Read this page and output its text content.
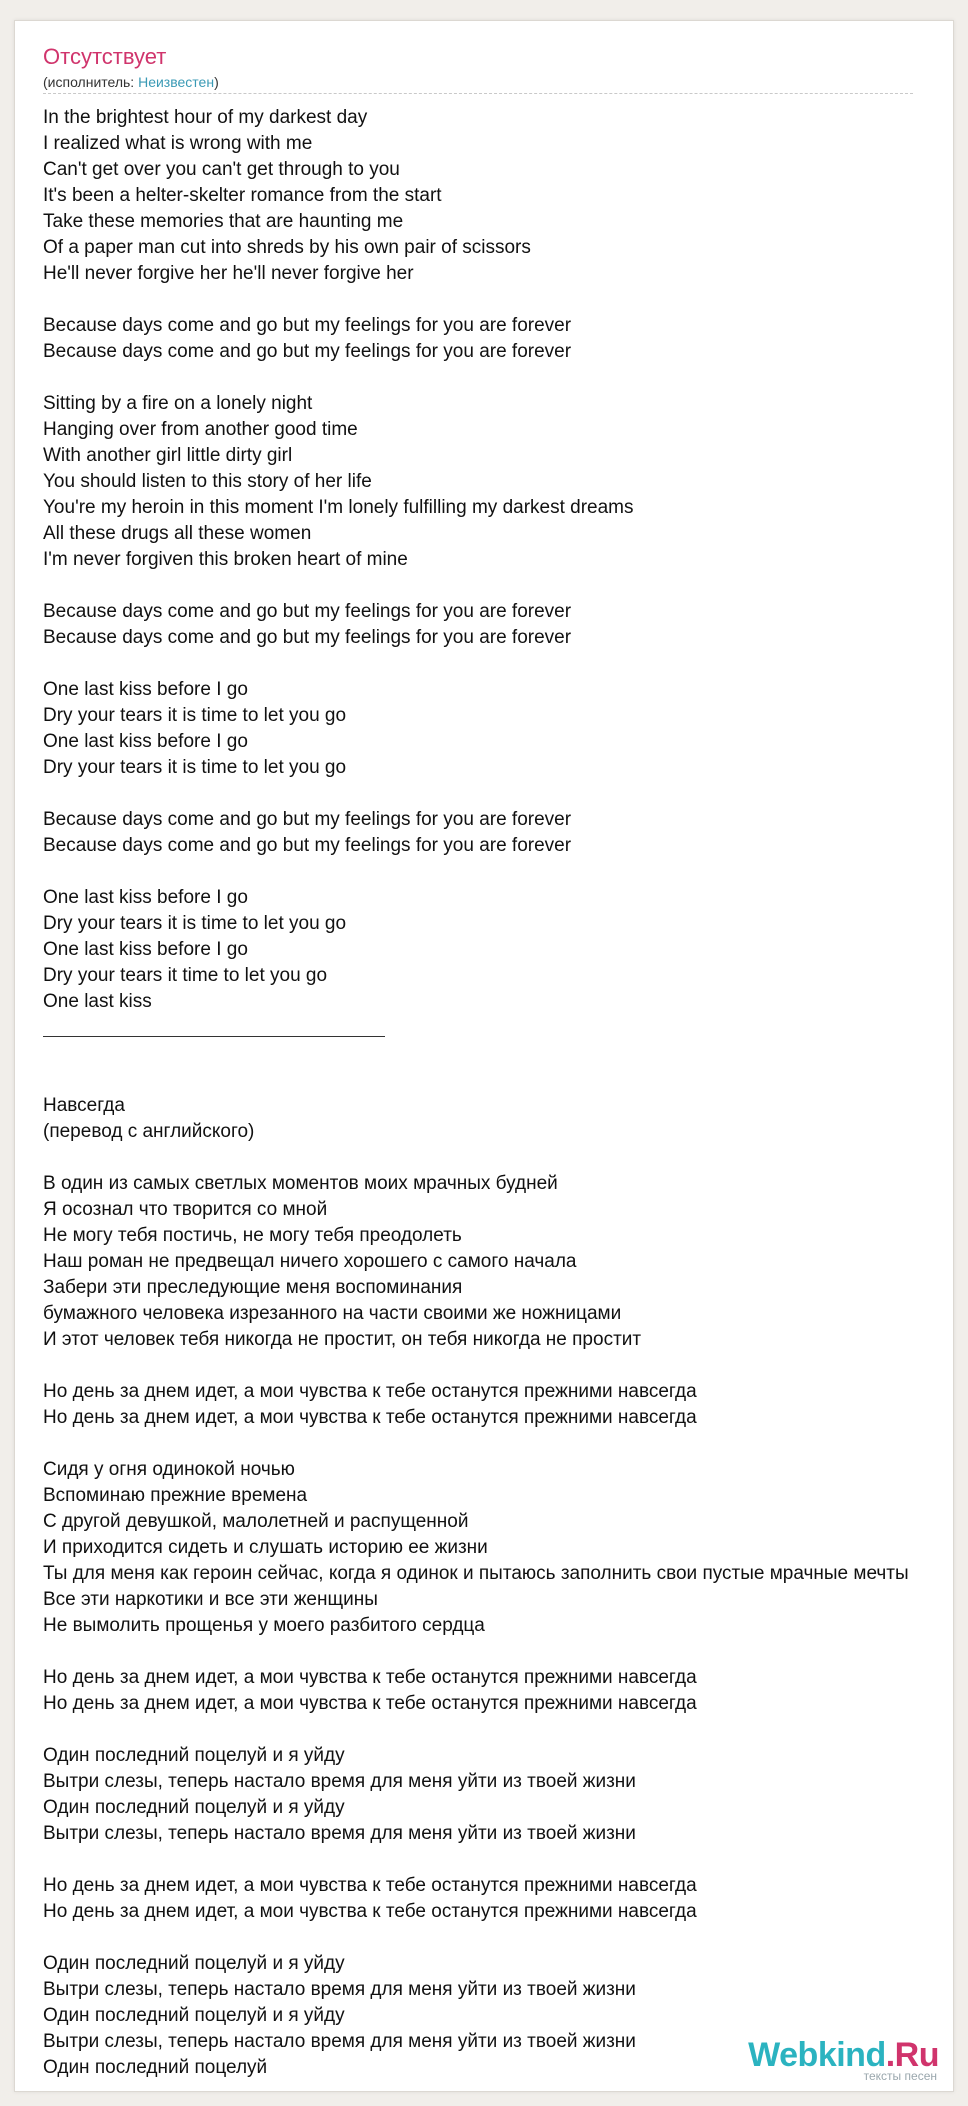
Отсутствует
(исполнитель: Неизвестен)
In the brightest hour of my darkest day
I realized what is wrong with me
Can't get over you can't get through to you
It's been a helter-skelter romance from the start
Take these memories that are haunting me
Of a paper man cut into shreds by his own pair of scissors
He'll never forgive her he'll never forgive her

Because days come and go but my feelings for you are forever
Because days come and go but my feelings for you are forever

Sitting by a fire on a lonely night
Hanging over from another good time
With another girl little dirty girl
You should listen to this story of her life
You're my heroin in this moment I'm lonely fulfilling my darkest dreams
All these drugs all these women
I'm never forgiven this broken heart of mine

Because days come and go but my feelings for you are forever
Because days come and go but my feelings for you are forever

One last kiss before I go
Dry your tears it is time to let you go
One last kiss before I go
Dry your tears it is time to let you go

Because days come and go but my feelings for you are forever
Because days come and go but my feelings for you are forever

One last kiss before I go
Dry your tears it is time to let you go
One last kiss before I go
Dry your tears it time to let you go
One last kiss

Навсегда
(перевод с английского)

В один из самых светлых моментов моих мрачных будней
Я осознал что творится со мной
Не могу тебя постичь, не могу тебя преодолеть
Наш роман не предвещал ничего хорошего с самого начала
Забери эти преследующие меня воспоминания
бумажного человека изрезанного на части своими же ножницами
И этот человек тебя никогда не простит, он тебя никогда не простит

Но день за днем идет, а мои чувства к тебе останутся прежними навсегда
Но день за днем идет, а мои чувства к тебе останутся прежними навсегда

Сидя у огня одинокой ночью
Вспоминаю прежние времена
С другой девушкой, малолетней и распущенной
И приходится сидеть и слушать историю ее жизни
Ты для меня как героин сейчас, когда я одинок и пытаюсь заполнить свои пустые мрачные мечты
Все эти наркотики и все эти женщины
Не вымолить прощенья у моего разбитого сердца

Но день за днем идет, а мои чувства к тебе останутся прежними навсегда
Но день за днем идет, а мои чувства к тебе останутся прежними навсегда

Один последний поцелуй и я уйду
Вытри слезы, теперь настало время для меня уйти из твоей жизни
Один последний поцелуй и я уйду
Вытри слезы, теперь настало время для меня уйти из твоей жизни

Но день за днем идет, а мои чувства к тебе останутся прежними навсегда
Но день за днем идет, а мои чувства к тебе останутся прежними навсегда

Один последний поцелуй и я уйду
Вытри слезы, теперь настало время для меня уйти из твоей жизни
Один последний поцелуй и я уйду
Вытри слезы, теперь настало время для меня уйти из твоей жизни
Один последний поцелуй	Webkind.Ru
тексты песен
